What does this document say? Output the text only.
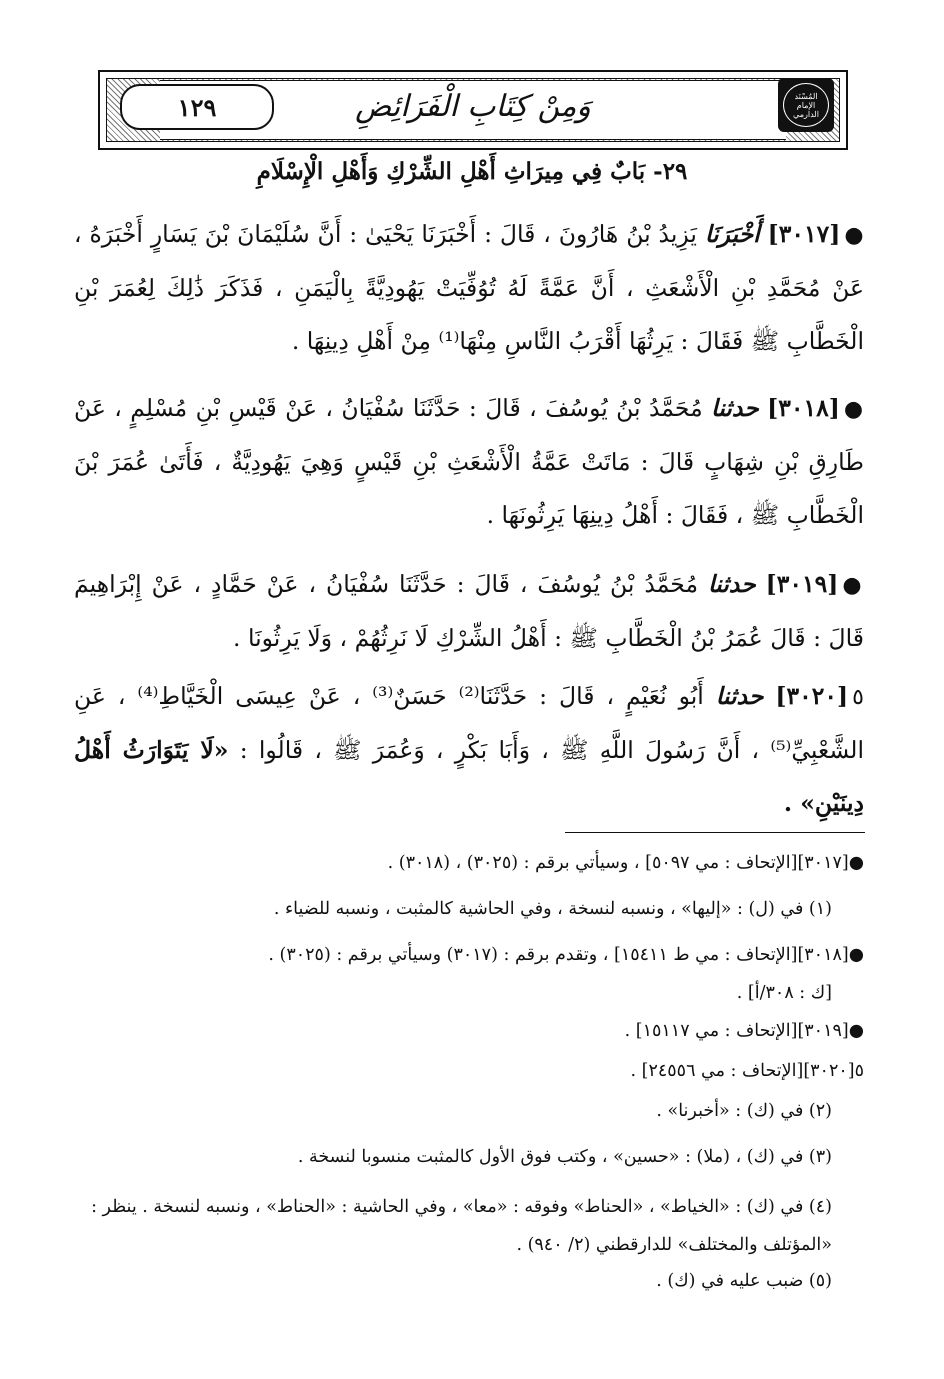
المُسْنَد الإمام الدارمي
وَمِنْ كِتَابِ الْفَرَائِضِ
١٢٩
٢٩- بَابٌ فِي مِيرَاثِ أَهْلِ الشِّرْكِ وَأَهْلِ الْإِسْلَامِ
●[٣٠١٧] أَخْبَرَنَا يَزِيدُ بْنُ هَارُونَ ، قَالَ : أَخْبَرَنَا يَحْيَىٰ : أَنَّ سُلَيْمَانَ بْنَ يَسَارٍ أَخْبَرَهُ ، عَنْ مُحَمَّدِ بْنِ الْأَشْعَثِ ، أَنَّ عَمَّةً لَهُ تُوُفِّيَتْ يَهُودِيَّةً بِالْيَمَنِ ، فَذَكَرَ ذَٰلِكَ لِعُمَرَ بْنِ الْخَطَّابِ ﷺ فَقَالَ : يَرِثُهَا أَقْرَبُ النَّاسِ مِنْهَا⁽¹⁾ مِنْ أَهْلِ دِينِهَا .
●[٣٠١٨] حدثنا مُحَمَّدُ بْنُ يُوسُفَ ، قَالَ : حَدَّثَنَا سُفْيَانُ ، عَنْ قَيْسِ بْنِ مُسْلِمٍ ، عَنْ طَارِقِ بْنِ شِهَابٍ قَالَ : مَاتَتْ عَمَّةُ الْأَشْعَثِ بْنِ قَيْسٍ وَهِيَ يَهُودِيَّةٌ ، فَأَتَىٰ عُمَرَ بْنَ الْخَطَّابِ ﷺ ، فَقَالَ : أَهْلُ دِينِهَا يَرِثُونَهَا .
●[٣٠١٩] حدثنا مُحَمَّدُ بْنُ يُوسُفَ ، قَالَ : حَدَّثَنَا سُفْيَانُ ، عَنْ حَمَّادٍ ، عَنْ إِبْرَاهِيمَ قَالَ : قَالَ عُمَرُ بْنُ الْخَطَّابِ ﷺ : أَهْلُ الشِّرْكِ لَا نَرِثُهُمْ ، وَلَا يَرِثُونَا .
٥[٣٠٢٠] حدثنا أَبُو نُعَيْمٍ ، قَالَ : حَدَّثَنَا⁽²⁾ حَسَنٌ⁽³⁾ ، عَنْ عِيسَى الْخَيَّاطِ⁽⁴⁾ ، عَنِ الشَّعْبِيِّ⁽⁵⁾ ، أَنَّ رَسُولَ اللَّهِ ﷺ ، وَأَبَا بَكْرٍ ، وَعُمَرَ ﷺ ، قَالُوا : «لَا يَتَوَارَثُ أَهْلُ دِينَيْنِ» .
●[٣٠١٧][الإتحاف : مي ٥٠٩٧] ، وسيأتي برقم : (٣٠٢٥) ، (٣٠١٨) .
(١) في (ل) : «إليها» ، ونسبه لنسخة ، وفي الحاشية كالمثبت ، ونسبه للضياء .
●[٣٠١٨][الإتحاف : مي ط ١٥٤١١] ، وتقدم برقم : (٣٠١٧) وسيأتي برقم : (٣٠٢٥) .
[ك : ٣٠٨/أ] .
●[٣٠١٩][الإتحاف : مي ١٥١١٧] .
٥[٣٠٢٠][الإتحاف : مي ٢٤٥٥٦] .
(٢) في (ك) : «أخبرنا» .
(٣) في (ك) ، (ملا) : «حسين» ، وكتب فوق الأول كالمثبت منسوبا لنسخة .
(٤) في (ك) : «الخياط» ، «الحناط» وفوقه : «معا» ، وفي الحاشية : «الحناط» ، ونسبه لنسخة . ينظر : «المؤتلف والمختلف» للدارقطني (٢/ ٩٤٠) .
(٥) ضبب عليه في (ك) .
